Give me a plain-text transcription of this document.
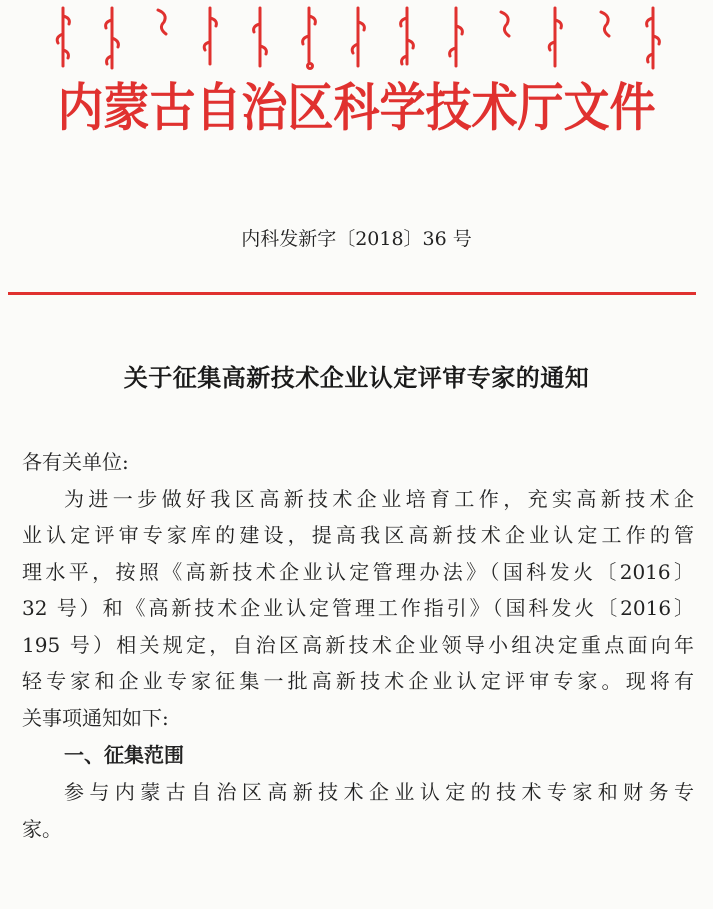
内蒙古自治区科学技术厅文件
内科发新字〔2018〕36 号
关于征集高新技术企业认定评审专家的通知
各有关单位:
为进一步做好我区高新技术企业培育工作，充实高新技术企
业认定评审专家库的建设，提高我区高新技术企业认定工作的管
理水平，按照《高新技术企业认定管理办法》（国科发火〔2016〕
32 号）和《高新技术企业认定管理工作指引》（国科发火〔2016〕
195 号）相关规定，自治区高新技术企业领导小组决定重点面向年
轻专家和企业专家征集一批高新技术企业认定评审专家。现将有
关事项通知如下:
一、征集范围
参与内蒙古自治区高新技术企业认定的技术专家和财务专
家。
